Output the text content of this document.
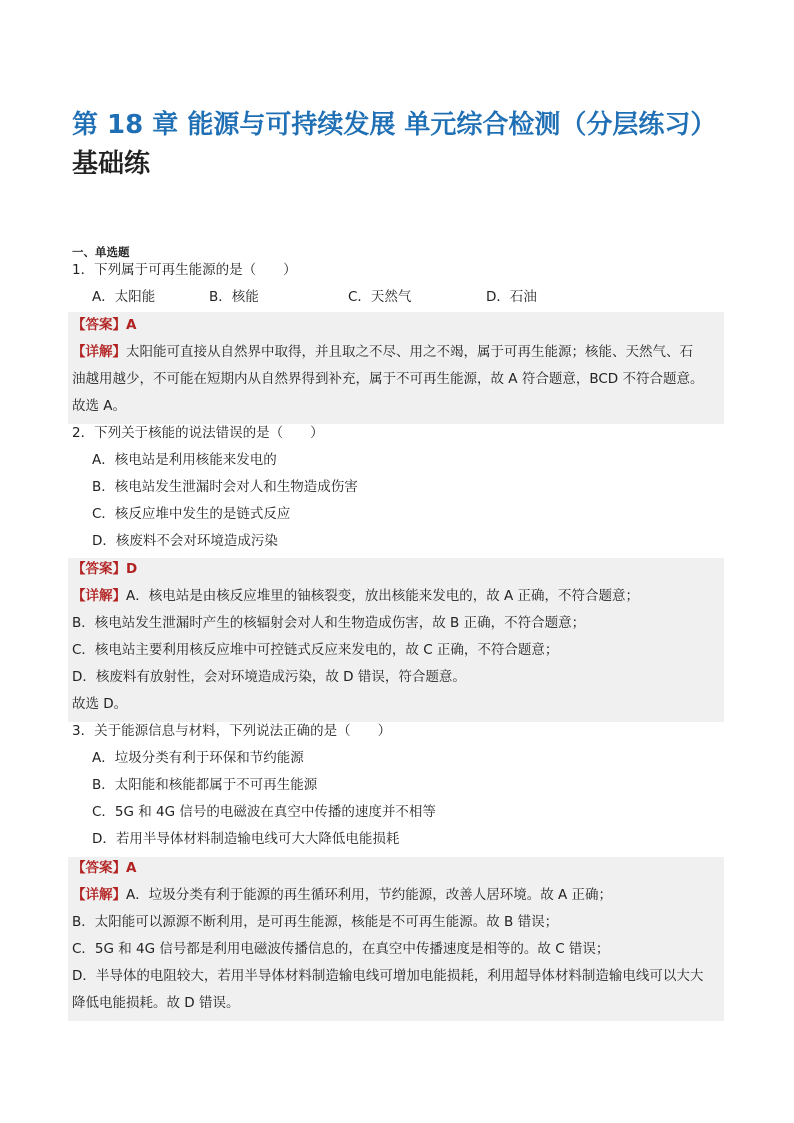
第 18 章 能源与可持续发展 单元综合检测（分层练习）
基础练
一、单选题
1．下列属于可再生能源的是（　　）
A．太阳能	B．核能	C．天然气	D．石油
【答案】A
【详解】太阳能可直接从自然界中取得，并且取之不尽、用之不竭，属于可再生能源；核能、天然气、石
油越用越少，不可能在短期内从自然界得到补充，属于不可再生能源，故 A 符合题意，BCD 不符合题意。
故选 A。
2．下列关于核能的说法错误的是（　　）
A．核电站是利用核能来发电的
B．核电站发生泄漏时会对人和生物造成伤害
C．核反应堆中发生的是链式反应
D．核废料不会对环境造成污染
【答案】D
【详解】A．核电站是由核反应堆里的铀核裂变，放出核能来发电的，故 A 正确，不符合题意；
B．核电站发生泄漏时产生的核辐射会对人和生物造成伤害，故 B 正确，不符合题意；
C．核电站主要利用核反应堆中可控链式反应来发电的，故 C 正确，不符合题意；
D．核废料有放射性，会对环境造成污染，故 D 错误，符合题意。
故选 D。
3．关于能源信息与材料，下列说法正确的是（　　）
A．垃圾分类有利于环保和节约能源
B．太阳能和核能都属于不可再生能源
C．5G 和 4G 信号的电磁波在真空中传播的速度并不相等
D．若用半导体材料制造输电线可大大降低电能损耗
【答案】A
【详解】A．垃圾分类有利于能源的再生循环利用，节约能源，改善人居环境。故 A 正确；
B．太阳能可以源源不断利用，是可再生能源，核能是不可再生能源。故 B 错误；
C．5G 和 4G 信号都是利用电磁波传播信息的，在真空中传播速度是相等的。故 C 错误；
D．半导体的电阻较大，若用半导体材料制造输电线可增加电能损耗，利用超导体材料制造输电线可以大大
降低电能损耗。故 D 错误。
